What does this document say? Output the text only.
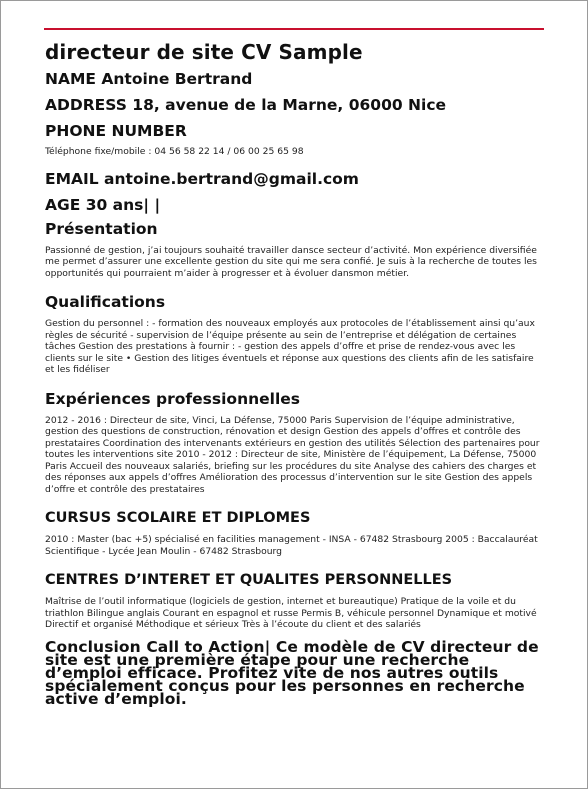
directeur de site CV Sample

NAME Antoine Bertrand

ADDRESS 18, avenue de la Marne, 06000 Nice

PHONE NUMBER

Téléphone fixe/mobile : 04 56 58 22 14 / 06 00 25 65 98

EMAIL antoine.bertrand@gmail.com

AGE 30 ans| |

Présentation

Passionné de gestion, j’ai toujours souhaité travailler dansce secteur d’activité. Mon expérience diversifiée me permet d’assurer une excellente gestion du site qui me sera confié. Je suis à la recherche de toutes les opportunités qui pourraient m’aider à progresser et à évoluer dansmon métier.

Qualifications

Gestion du personnel : - formation des nouveaux employés aux protocoles de l’établissement ainsi qu’aux règles de sécurité - supervision de l’équipe présente au sein de l’entreprise et délégation de certaines tâches Gestion des prestations à fournir : - gestion des appels d’offre et prise de rendez-vous avec les clients sur le site • Gestion des litiges éventuels et réponse aux questions des clients afin de les satisfaire et les fidéliser

Expériences professionnelles

2012 - 2016 : Directeur de site, Vinci, La Défense, 75000 Paris Supervision de l’équipe administrative, gestion des questions de construction, rénovation et design Gestion des appels d’offres et contrôle des prestataires Coordination des intervenants extérieurs en gestion des utilités Sélection des partenaires pour toutes les interventions site 2010 - 2012 : Directeur de site, Ministère de l’équipement, La Défense, 75000 Paris Accueil des nouveaux salariés, briefing sur les procédures du site Analyse des cahiers des charges et des réponses aux appels d’offres Amélioration des processus d’intervention sur le site Gestion des appels d’offre et contrôle des prestataires

CURSUS SCOLAIRE ET DIPLOMES

2010 : Master (bac +5) spécialisé en facilities management - INSA - 67482 Strasbourg 2005 : Baccalauréat Scientifique - Lycée Jean Moulin - 67482 Strasbourg

CENTRES D’INTERET ET QUALITES PERSONNELLES

Maîtrise de l’outil informatique (logiciels de gestion, internet et bureautique) Pratique de la voile et du triathlon Bilingue anglais Courant en espagnol et russe Permis B, véhicule personnel Dynamique et motivé Directif et organisé Méthodique et sérieux Très à l’écoute du client et des salariés

Conclusion Call to Action| Ce modèle de CV directeur de site est une première étape pour une recherche d’emploi efficace. Profitez vite de nos autres outils spécialement conçus pour les personnes en recherche active d’emploi.
